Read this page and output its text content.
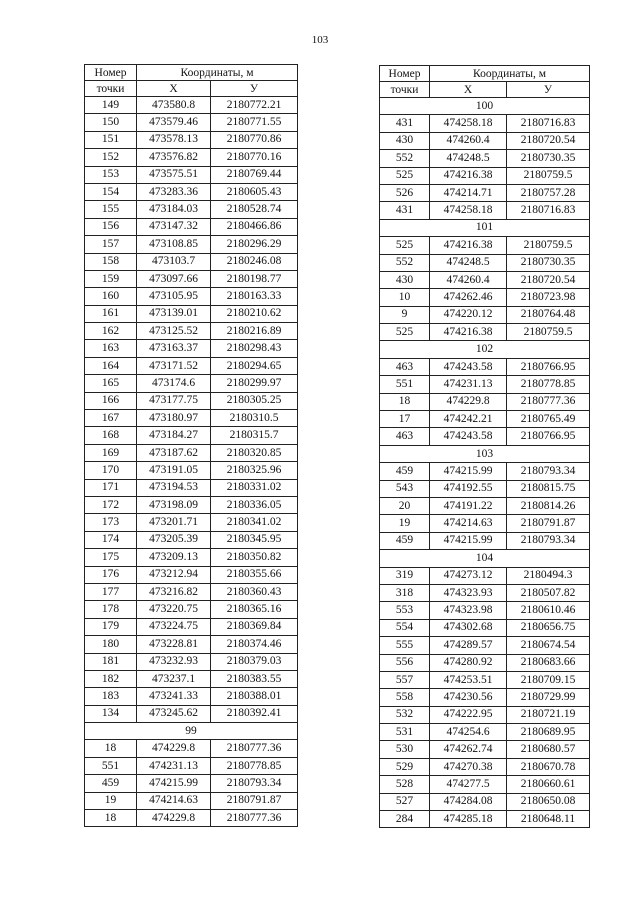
103
Номер	Координаты, м	
точки	X	У
149	473580.8	2180772.21
150	473579.46	2180771.55
151	473578.13	2180770.86
152	473576.82	2180770.16
153	473575.51	2180769.44
154	473283.36	2180605.43
155	473184.03	2180528.74
156	473147.32	2180466.86
157	473108.85	2180296.29
158	473103.7	2180246.08
159	473097.66	2180198.77
160	473105.95	2180163.33
161	473139.01	2180210.62
162	473125.52	2180216.89
163	473163.37	2180298.43
164	473171.52	2180294.65
165	473174.6	2180299.97
166	473177.75	2180305.25
167	473180.97	2180310.5
168	473184.27	2180315.7
169	473187.62	2180320.85
170	473191.05	2180325.96
171	473194.53	2180331.02
172	473198.09	2180336.05
173	473201.71	2180341.02
174	473205.39	2180345.95
175	473209.13	2180350.82
176	473212.94	2180355.66
177	473216.82	2180360.43
178	473220.75	2180365.16
179	473224.75	2180369.84
180	473228.81	2180374.46
181	473232.93	2180379.03
182	473237.1	2180383.55
183	473241.33	2180388.01
134	473245.62	2180392.41
99		
18	474229.8	2180777.36
551	474231.13	2180778.85
459	474215.99	2180793.34
19	474214.63	2180791.87
18	474229.8	2180777.36
Номер	Координаты, м	
точки	X	У
100		
431	474258.18	2180716.83
430	474260.4	2180720.54
552	474248.5	2180730.35
525	474216.38	2180759.5
526	474214.71	2180757.28
431	474258.18	2180716.83
101		
525	474216.38	2180759.5
552	474248.5	2180730.35
430	474260.4	2180720.54
10	474262.46	2180723.98
9	474220.12	2180764.48
525	474216.38	2180759.5
102		
463	474243.58	2180766.95
551	474231.13	2180778.85
18	474229.8	2180777.36
17	474242.21	2180765.49
463	474243.58	2180766.95
103		
459	474215.99	2180793.34
543	474192.55	2180815.75
20	474191.22	2180814.26
19	474214.63	2180791.87
459	474215.99	2180793.34
104		
319	474273.12	2180494.3
318	474323.93	2180507.82
553	474323.98	2180610.46
554	474302.68	2180656.75
555	474289.57	2180674.54
556	474280.92	2180683.66
557	474253.51	2180709.15
558	474230.56	2180729.99
532	474222.95	2180721.19
531	474254.6	2180689.95
530	474262.74	2180680.57
529	474270.38	2180670.78
528	474277.5	2180660.61
527	474284.08	2180650.08
284	474285.18	2180648.11
